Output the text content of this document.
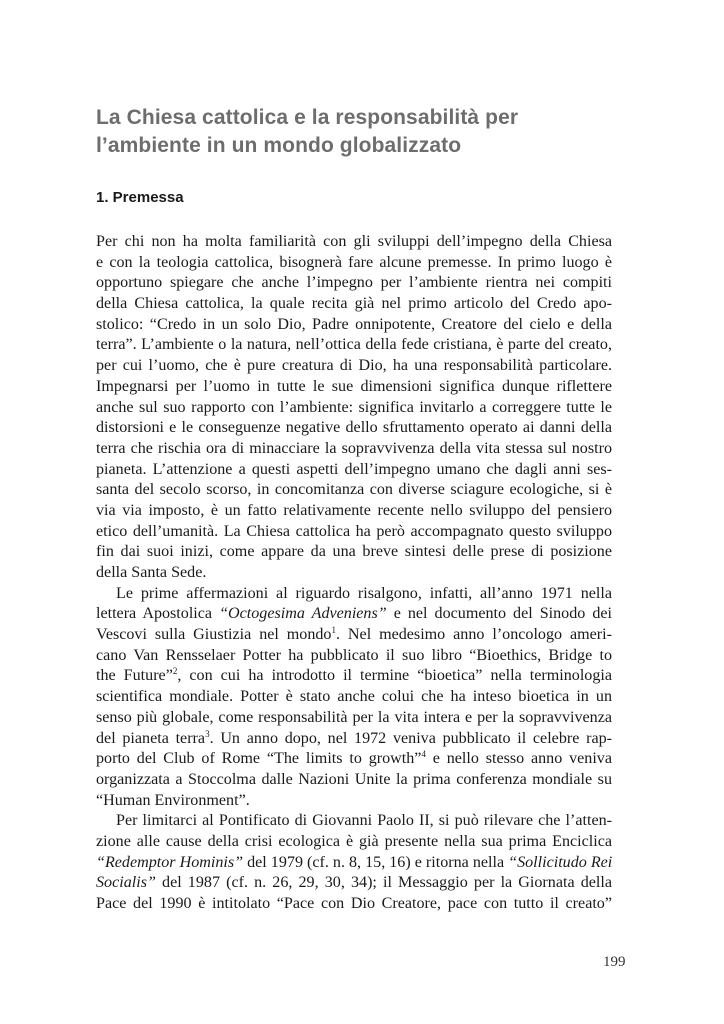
La Chiesa cattolica e la responsabilità per l’ambiente in un mondo globalizzato
1. Premessa
Per chi non ha molta familiarità con gli sviluppi dell’impegno della Chiesa
e con la teologia cattolica, bisognerà fare alcune premesse. In primo luogo è
opportuno spiegare che anche l’impegno per l’ambiente rientra nei compiti
della Chiesa cattolica, la quale recita già nel primo articolo del Credo apo-
stolico: “Credo in un solo Dio, Padre onnipotente, Creatore del cielo e della
terra”. L’ambiente o la natura, nell’ottica della fede cristiana, è parte del creato,
per cui l’uomo, che è pure creatura di Dio, ha una responsabilità particolare.
Impegnarsi per l’uomo in tutte le sue dimensioni significa dunque riflettere
anche sul suo rapporto con l’ambiente: significa invitarlo a correggere tutte le
distorsioni e le conseguenze negative dello sfruttamento operato ai danni della
terra che rischia ora di minacciare la sopravvivenza della vita stessa sul nostro
pianeta. L’attenzione a questi aspetti dell’impegno umano che dagli anni ses-
santa del secolo scorso, in concomitanza con diverse sciagure ecologiche, si è
via via imposto, è un fatto relativamente recente nello sviluppo del pensiero
etico dell’umanità. La Chiesa cattolica ha però accompagnato questo sviluppo
fin dai suoi inizi, come appare da una breve sintesi delle prese di posizione
della Santa Sede.
Le prime affermazioni al riguardo risalgono, infatti, all’anno 1971 nella
lettera Apostolica “Octogesima Adveniens” e nel documento del Sinodo dei
Vescovi sulla Giustizia nel mondo$^1$. Nel medesimo anno l’oncologo ameri-
cano Van Rensselaer Potter ha pubblicato il suo libro “Bioethics, Bridge to
the Future”$^2$, con cui ha introdotto il termine “bioetica” nella terminologia
scientifica mondiale. Potter è stato anche colui che ha inteso bioetica in un
senso più globale, come responsabilità per la vita intera e per la sopravvivenza
del pianeta terra$^3$. Un anno dopo, nel 1972 veniva pubblicato il celebre rap-
porto del Club of Rome “The limits to growth”$^4$ e nello stesso anno veniva
organizzata a Stoccolma dalle Nazioni Unite la prima conferenza mondiale su
“Human Environment”.
Per limitarci al Pontificato di Giovanni Paolo II, si può rilevare che l’atten-
zione alle cause della crisi ecologica è già presente nella sua prima Enciclica
“Redemptor Hominis” del 1979 (cf. n. 8, 15, 16) e ritorna nella “Sollicitudo Rei
Socialis” del 1987 (cf. n. 26, 29, 30, 34); il Messaggio per la Giornata della
Pace del 1990 è intitolato “Pace con Dio Creatore, pace con tutto il creato”
199
